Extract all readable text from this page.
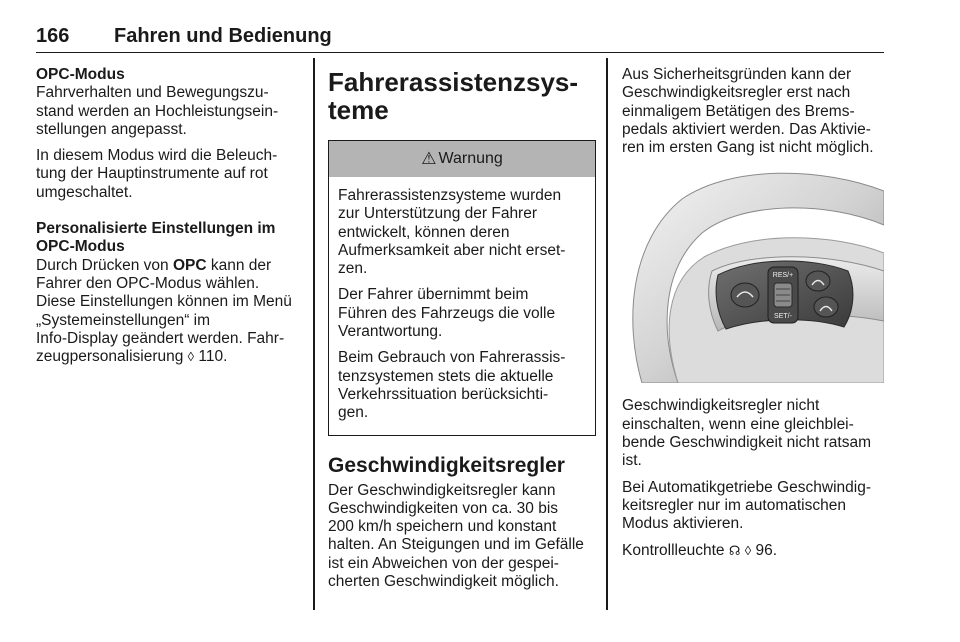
166 Fahren und Bedienung
OPC-Modus

Fahrverhalten und Bewegungszu-
stand werden an Hochleistungsein-
stellungen angepasst.

In diesem Modus wird die Beleuch-
tung der Hauptinstrumente auf rot
umgeschaltet.

Personalisierte Einstellungen im
OPC-Modus

Durch Drücken von OPC kann der
Fahrer den OPC-Modus wählen.
Diese Einstellungen können im Menü
„Systemeinstellungen“ im
Info-Display geändert werden. Fahr-
zeugpersonalisierung ◊ 110.

Fahrerassistenzsys-
teme
⚠ Warnung

Fahrerassistenzsysteme wurden
zur Unterstützung der Fahrer
entwickelt, können deren
Aufmerksamkeit aber nicht erset-
zen.

Der Fahrer übernimmt beim
Führen des Fahrzeugs die volle
Verantwortung.

Beim Gebrauch von Fahrerassis-
tenzsystemen stets die aktuelle
Verkehrssituation berücksichti-
gen.

Geschwindigkeitsregler

Der Geschwindigkeitsregler kann
Geschwindigkeiten von ca. 30 bis
200 km/h speichern und konstant
halten. An Steigungen und im Gefälle
ist ein Abweichen von der gespei-
cherten Geschwindigkeit möglich.

Aus Sicherheitsgründen kann der
Geschwindigkeitsregler erst nach
einmaligem Betätigen des Brems-
pedals aktiviert werden. Das Aktivie-
ren im ersten Gang ist nicht möglich.

RES/+
SET/-

Geschwindigkeitsregler nicht
einschalten, wenn eine gleichblei-
bende Geschwindigkeit nicht ratsam
ist.

Bei Automatikgetriebe Geschwindig-
keitsregler nur im automatischen
Modus aktivieren.

Kontrollleuchte ☊ ◊ 96.
